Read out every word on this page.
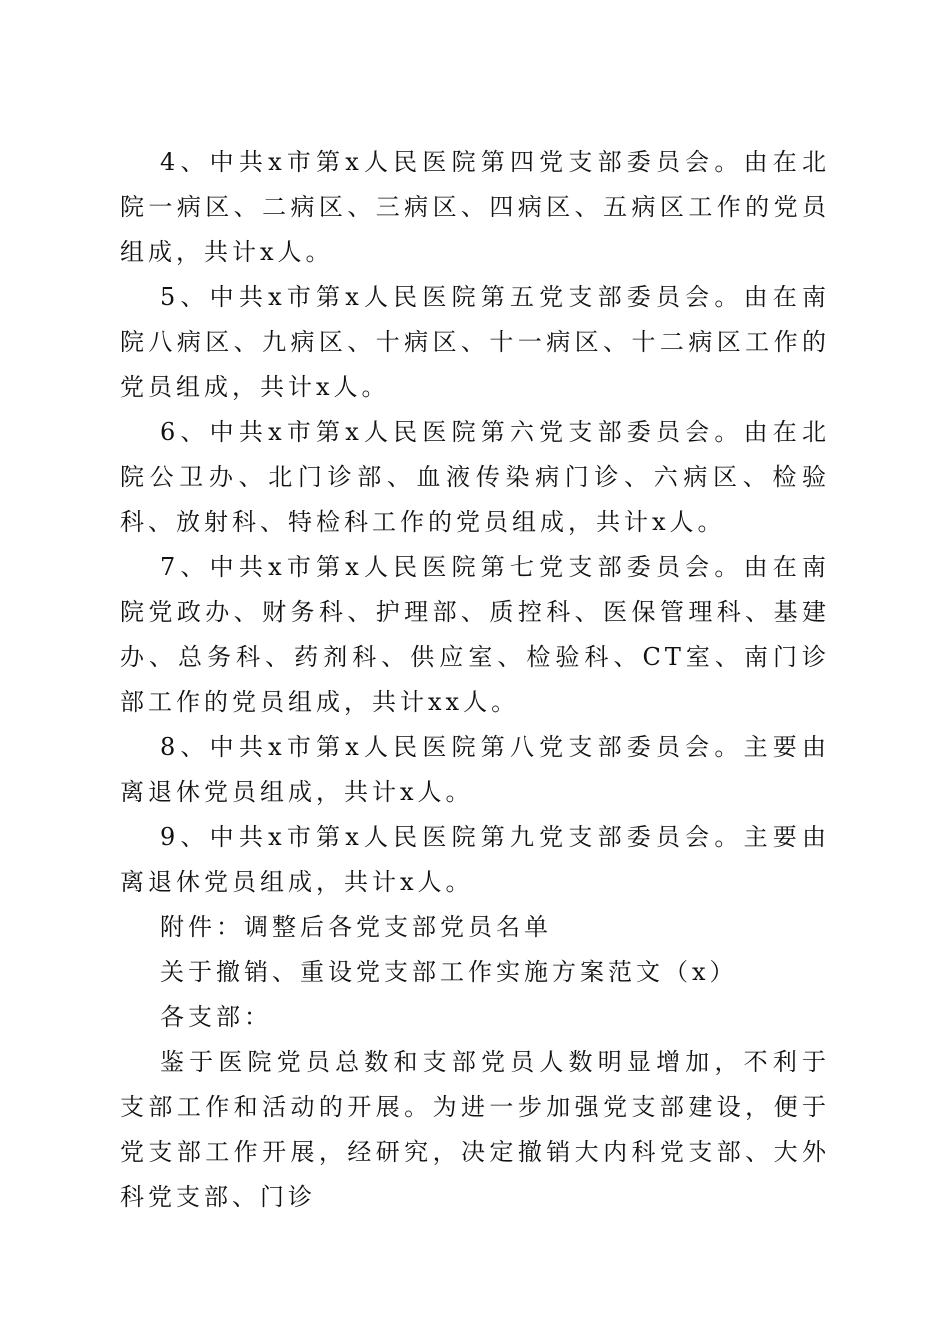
4、中共x市第x人民医院第四党支部委员会。由在北院一病区、二病区、三病区、四病区、五病区工作的党员组成，共计x人。

5、中共x市第x人民医院第五党支部委员会。由在南院八病区、九病区、十病区、十一病区、十二病区工作的党员组成，共计x人。

6、中共x市第x人民医院第六党支部委员会。由在北院公卫办、北门诊部、血液传染病门诊、六病区、检验科、放射科、特检科工作的党员组成，共计x人。

7、中共x市第x人民医院第七党支部委员会。由在南院党政办、财务科、护理部、质控科、医保管理科、基建办、总务科、药剂科、供应室、检验科、CT室、南门诊部工作的党员组成，共计xx人。

8、中共x市第x人民医院第八党支部委员会。主要由离退休党员组成，共计x人。

9、中共x市第x人民医院第九党支部委员会。主要由离退休党员组成，共计x人。

附件：调整后各党支部党员名单

关于撤销、重设党支部工作实施方案范文（x）

各支部：

鉴于医院党员总数和支部党员人数明显增加，不利于支部工作和活动的开展。为进一步加强党支部建设，便于党支部工作开展，经研究，决定撤销大内科党支部、大外科党支部、门诊
